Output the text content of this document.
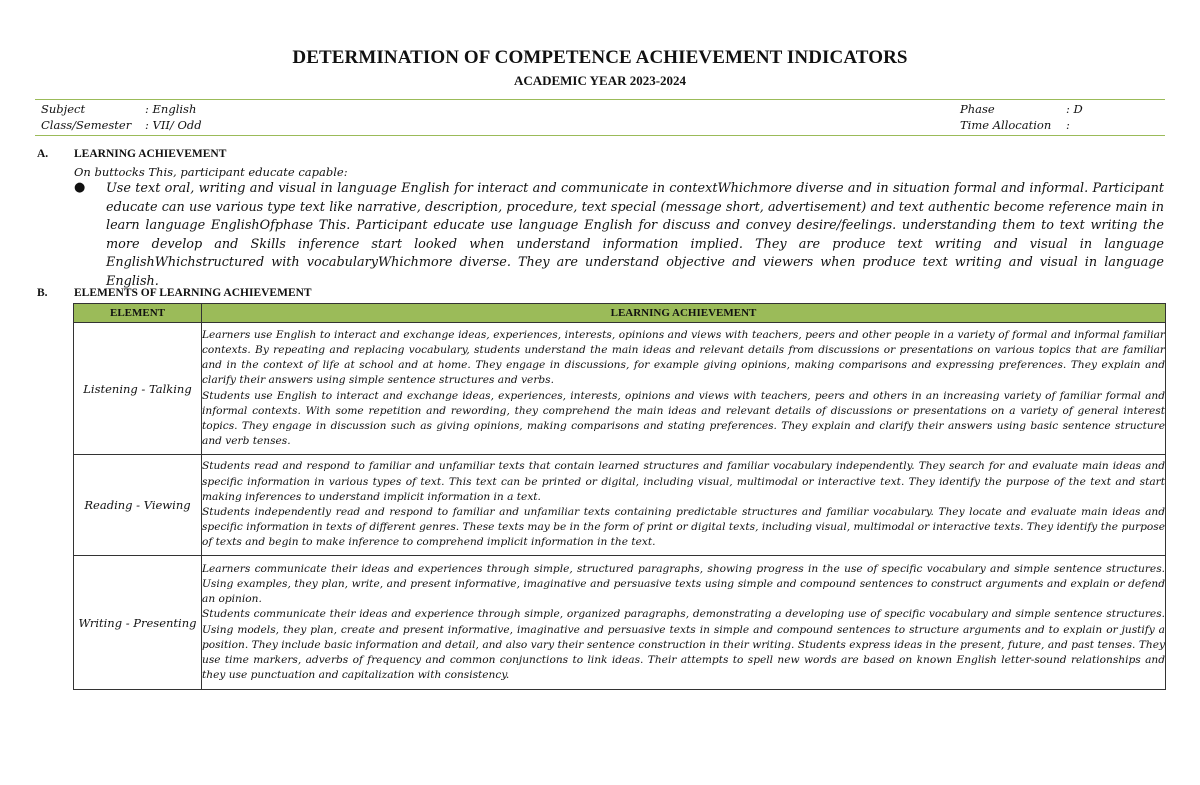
DETERMINATION OF COMPETENCE ACHIEVEMENT INDICATORS
ACADEMIC YEAR 2023-2024
Subject	: English
Class/Semester	: VII/ Odd
Phase	: D
Time Allocation	:
A. LEARNING ACHIEVEMENT
On buttocks This, participant educate capable:
● Use text oral, writing and visual in language English for interact and communicate in contextWhichmore diverse and in situation formal and informal. Participant educate can use various type text like narrative, description, procedure, text special (message short, advertisement) and text authentic become reference main in learn language EnglishOfphase This. Participant educate use language English for discuss and convey desire/feelings. understanding them to text writing the more develop and Skills inference start looked when understand information implied. They are produce text writing and visual in language EnglishWhichstructured with vocabularyWhichmore diverse. They are understand objective and viewers when produce text writing and visual in language English.
B. ELEMENTS OF LEARNING ACHIEVEMENT
ELEMENT	LEARNING ACHIEVEMENT
Listening - Talking	Learners use English to interact and exchange ideas, experiences, interests, opinions and views with teachers, peers and other people in a variety of formal and informal familiar contexts. By repeating and replacing vocabulary, students understand the main ideas and relevant details from discussions or presentations on various topics that are familiar and in the context of life at school and at home. They engage in discussions, for example giving opinions, making comparisons and expressing preferences. They explain and clarify their answers using simple sentence structures and verbs.

Students use English to interact and exchange ideas, experiences, interests, opinions and views with teachers, peers and others in an increasing variety of familiar formal and informal contexts. With some repetition and rewording, they comprehend the main ideas and relevant details of discussions or presentations on a variety of general interest topics. They engage in discussion such as giving opinions, making comparisons and stating preferences. They explain and clarify their answers using basic sentence structure and verb tenses.

Reading - Viewing	Students read and respond to familiar and unfamiliar texts that contain learned structures and familiar vocabulary independently. They search for and evaluate main ideas and specific information in various types of text. This text can be printed or digital, including visual, multimodal or interactive text. They identify the purpose of the text and start making inferences to understand implicit information in a text.

Students independently read and respond to familiar and unfamiliar texts containing predictable structures and familiar vocabulary. They locate and evaluate main ideas and specific information in texts of different genres. These texts may be in the form of print or digital texts, including visual, multimodal or interactive texts. They identify the purpose of texts and begin to make inference to comprehend implicit information in the text.

Writing - Presenting	Learners communicate their ideas and experiences through simple, structured paragraphs, showing progress in the use of specific vocabulary and simple sentence structures. Using examples, they plan, write, and present informative, imaginative and persuasive texts using simple and compound sentences to construct arguments and explain or defend an opinion.

Students communicate their ideas and experience through simple, organized paragraphs, demonstrating a developing use of specific vocabulary and simple sentence structures. Using models, they plan, create and present informative, imaginative and persuasive texts in simple and compound sentences to structure arguments and to explain or justify a position. They include basic information and detail, and also vary their sentence construction in their writing. Students express ideas in the present, future, and past tenses. They use time markers, adverbs of frequency and common conjunctions to link ideas. Their attempts to spell new words are based on known English letter-sound relationships and they use punctuation and capitalization with consistency.
